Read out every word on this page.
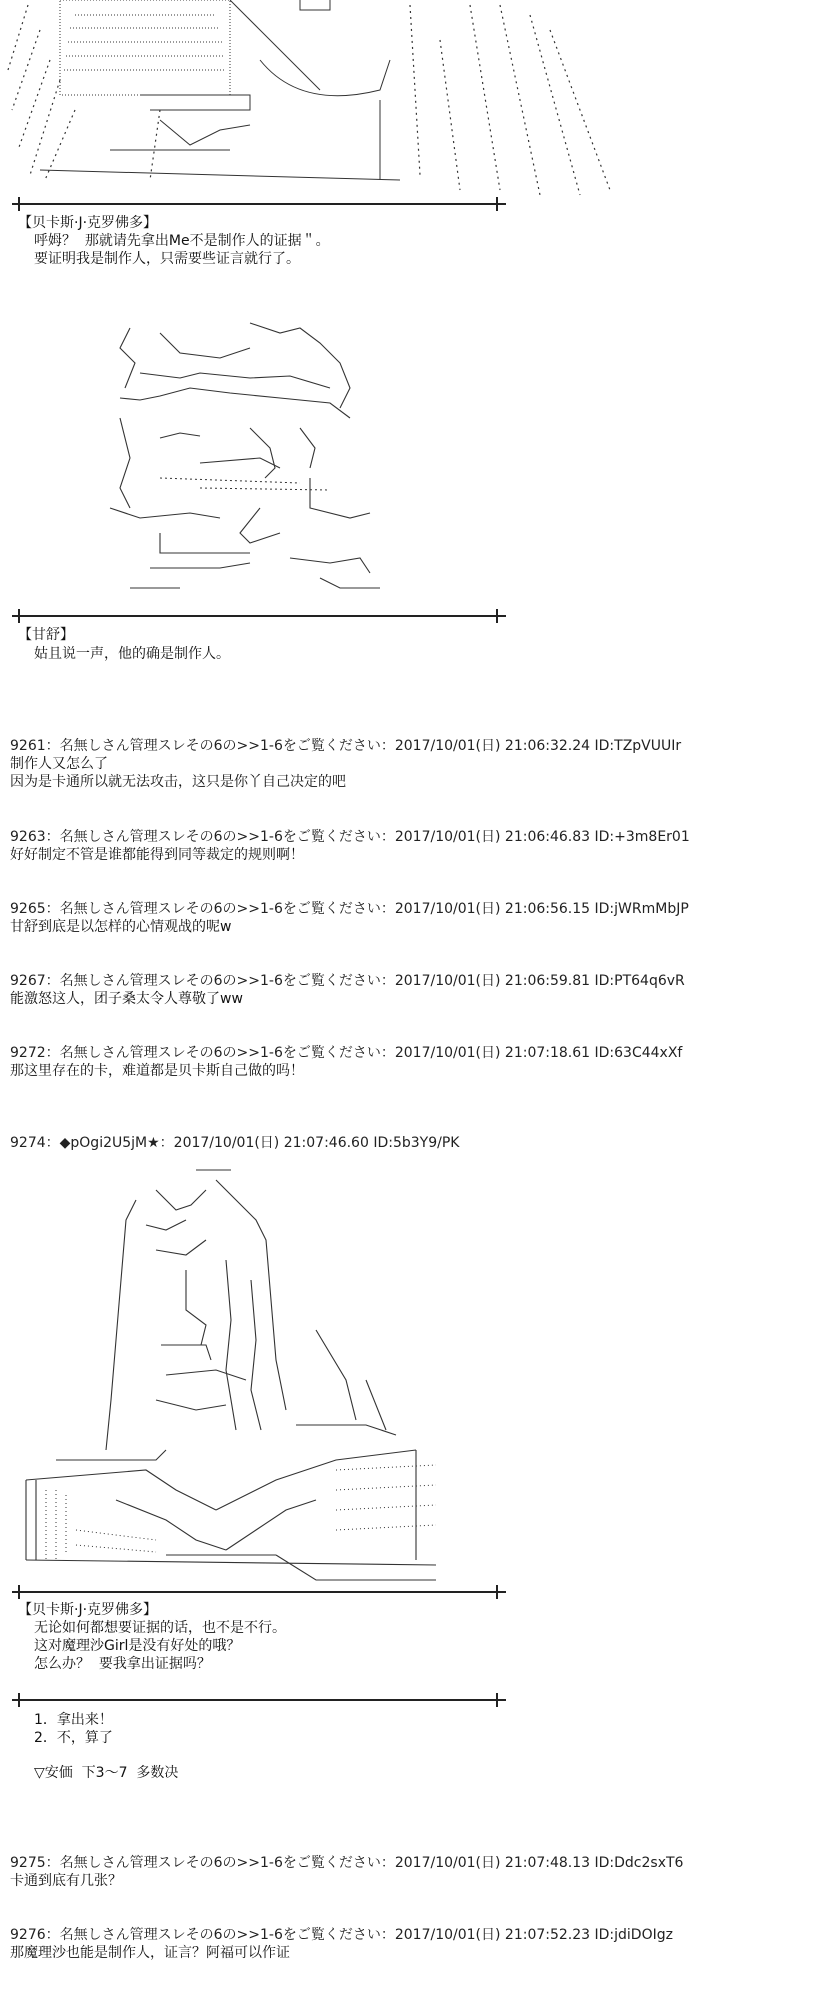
【贝卡斯·J·克罗佛多】
呼姆？  那就请先拿出Me不是制作人的证据＂。
要证明我是制作人，只需要些证言就行了。
【甘舒】
姑且说一声，他的确是制作人。
9261：名無しさん管理スレその6の>>1-6をご覧ください：2017/10/01(日) 21:06:32.24 ID:TZpVUUIr
制作人又怎么了
因为是卡通所以就无法攻击，这只是你丫自己决定的吧
9263：名無しさん管理スレその6の>>1-6をご覧ください：2017/10/01(日) 21:06:46.83 ID:+3m8Er01
好好制定不管是谁都能得到同等裁定的规则啊！
9265：名無しさん管理スレその6の>>1-6をご覧ください：2017/10/01(日) 21:06:56.15 ID:jWRmMbJP
甘舒到底是以怎样的心情观战的呢w
9267：名無しさん管理スレその6の>>1-6をご覧ください：2017/10/01(日) 21:06:59.81 ID:PT64q6vR
能激怒这人，团子桑太令人尊敬了ww
9272：名無しさん管理スレその6の>>1-6をご覧ください：2017/10/01(日) 21:07:18.61 ID:63C44xXf
那这里存在的卡，难道都是贝卡斯自己做的吗！
9274：◆pOgi2U5jM★：2017/10/01(日) 21:07:46.60 ID:5b3Y9/PK
【贝卡斯·J·克罗佛多】
无论如何都想要证据的话，也不是不行。
这对魔理沙Girl是没有好处的哦？
怎么办？  要我拿出证据吗？
1．拿出来！
2．不，算了
▽安価  下3～7  多数决
9275：名無しさん管理スレその6の>>1-6をご覧ください：2017/10/01(日) 21:07:48.13 ID:Ddc2sxT6
卡通到底有几张？
9276：名無しさん管理スレその6の>>1-6をご覧ください：2017/10/01(日) 21:07:52.23 ID:jdiDOIgz
那魔理沙也能是制作人，证言？阿福可以作证
